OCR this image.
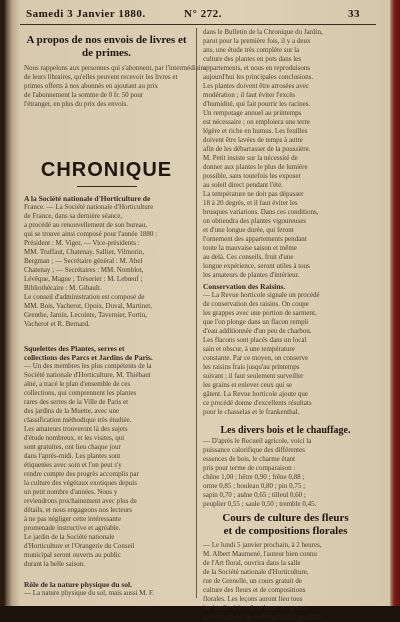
Samedi 3 Janvier 1880.	N° 272.	33

A propos de nos envois de livres et de primes.

Nous rappelons aux personnes qui s'abonnent, par l'intermédiaire

de leurs libraires, qu'elles peuvent recevoir les livres et

primes offerts à nos abonnés en ajoutant au prix

de l'abonnement la somme de 0 fr. 50 pour

l'étranger, en plus du prix des envois.

CHRONIQUE

A la Société nationale d'Horticulture de

France. — La Société nationale d'Horticulture

de France, dans sa dernière séance,

a procédé au renouvellement de son bureau,

qui se trouve ainsi composé pour l'année 1880 :

Président : M. Viger, — Vice-présidents :

MM. Truffaut, Chatenay, Sallier, Vilmorin,

Bergman ; — Secrétaire général : M. Abel

Chatenay ; — Secrétaires : MM. Nomblot,

Lévêque, Magne ; Trésorier : M. Lebœuf ;

Bibliothécaire : M. Gibault.

Le conseil d'administration est composé de

MM. Bois, Vacherot, Opoix, Duval, Martinet,

Grenthe, Jamin, Lecointe, Tavernier, Fortin,

Vacherot et R. Bernard.

Squelettes des Plantes, serres et

collections des Parcs et Jardins de Paris.

— Un des membres les plus compétents de la

Société nationale d'Horticulture, M. Thiébaut

aîné, a tracé le plan d'ensemble de ces

collections, qui comprennent les plantes

rares des serres de la Ville de Paris et

des jardins de la Muette, avec une

classification méthodique très étudiée.

Les amateurs trouveront là des sujets

d'étude nombreux, et les visites, qui

sont gratuites, ont lieu chaque jour

dans l'après-midi. Les plantes sont

étiquetées avec soin et l'on peut s'y

rendre compte des progrès accomplis par

la culture des végétaux exotiques depuis

un petit nombre d'années. Nous y

reviendrons prochainement avec plus de

détails, et nous engageons nos lecteurs

à ne pas négliger cette intéressante

promenade instructive et agréable.

Le jardin de la Société nationale

d'Horticulture et l'Orangerie du Conseil

municipal seront ouverts au public

durant la belle saison.

Rôle de la nature physique du sol.

— La nature physique du sol, mais aussi M. F.

dans le Bulletin de la Chronique du Jardin,

parut pour la première fois, il y a deux

ans, une étude très complète sur la

culture des plantes en pots dans les

appartements, et nous en reproduisons

aujourd'hui les principales conclusions.

Les plantes doivent être arrosées avec

modération ; il faut éviter l'excès

d'humidité, qui fait pourrir les racines.

Un rempotage annuel au printemps

est nécessaire ; on emploiera une terre

légère et riche en humus. Les feuilles

doivent être lavées de temps à autre

afin de les débarrasser de la poussière.

M. Petit insiste sur la nécessité de

donner aux plantes le plus de lumière

possible, sans toutefois les exposer

au soleil direct pendant l'été.

La température ne doit pas dépasser

18 à 20 degrés, et il faut éviter les

brusques variations. Dans ces conditions,

on obtiendra des plantes vigoureuses

et d'une longue durée, qui feront

l'ornement des appartements pendant

toute la mauvaise saison et même

au delà. Ces conseils, fruit d'une

longue expérience, seront utiles à tous

les amateurs de plantes d'intérieur.

Conservation des Raisins.

— La Revue horticole signale un procédé

de conservation des raisins. On coupe

les grappes avec une portion de sarment,

que l'on plonge dans un flacon rempli

d'eau additionnée d'un peu de charbon.

Les flacons sont placés dans un local

sain et obscur, à une température

constante. Par ce moyen, on conserve

les raisins frais jusqu'au printemps

suivant ; il faut seulement surveiller

les grains et enlever ceux qui se

gâtent. La Revue horticole ajoute que

ce procédé donne d'excellents résultats

pour le chasselas et le frankenthal.

Les divers bois et le chauffage.

— D'après le Recueil agricole, voici la

puissance calorifique des différentes

essences de bois, le charme étant

pris pour terme de comparaison :

chêne 1,00 ; hêtre 0,90 ; frêne 0,88 ;

orme 0,85 ; bouleau 0,80 ; pin 0,75 ;

sapin 0,70 ; aulne 0,65 ; tilleul 0,60 ;

peuplier 0,55 ; saule 0,50 ; tremble 0,45.

Cours de culture des fleurs

et de compositions florales

— Le lundi 5 janvier prochain, à 2 heures,

M. Albert Maumené, l'auteur bien connu

de l'Art floral, ouvrira dans la salle

de la Société nationale d'Horticulture,

rue de Grenelle, un cours gratuit de

culture des fleurs et de compositions

florales. Les leçons auront lieu tous

les lundis, à la même heure, et seront

accompagnées de démonstrations pratiques
